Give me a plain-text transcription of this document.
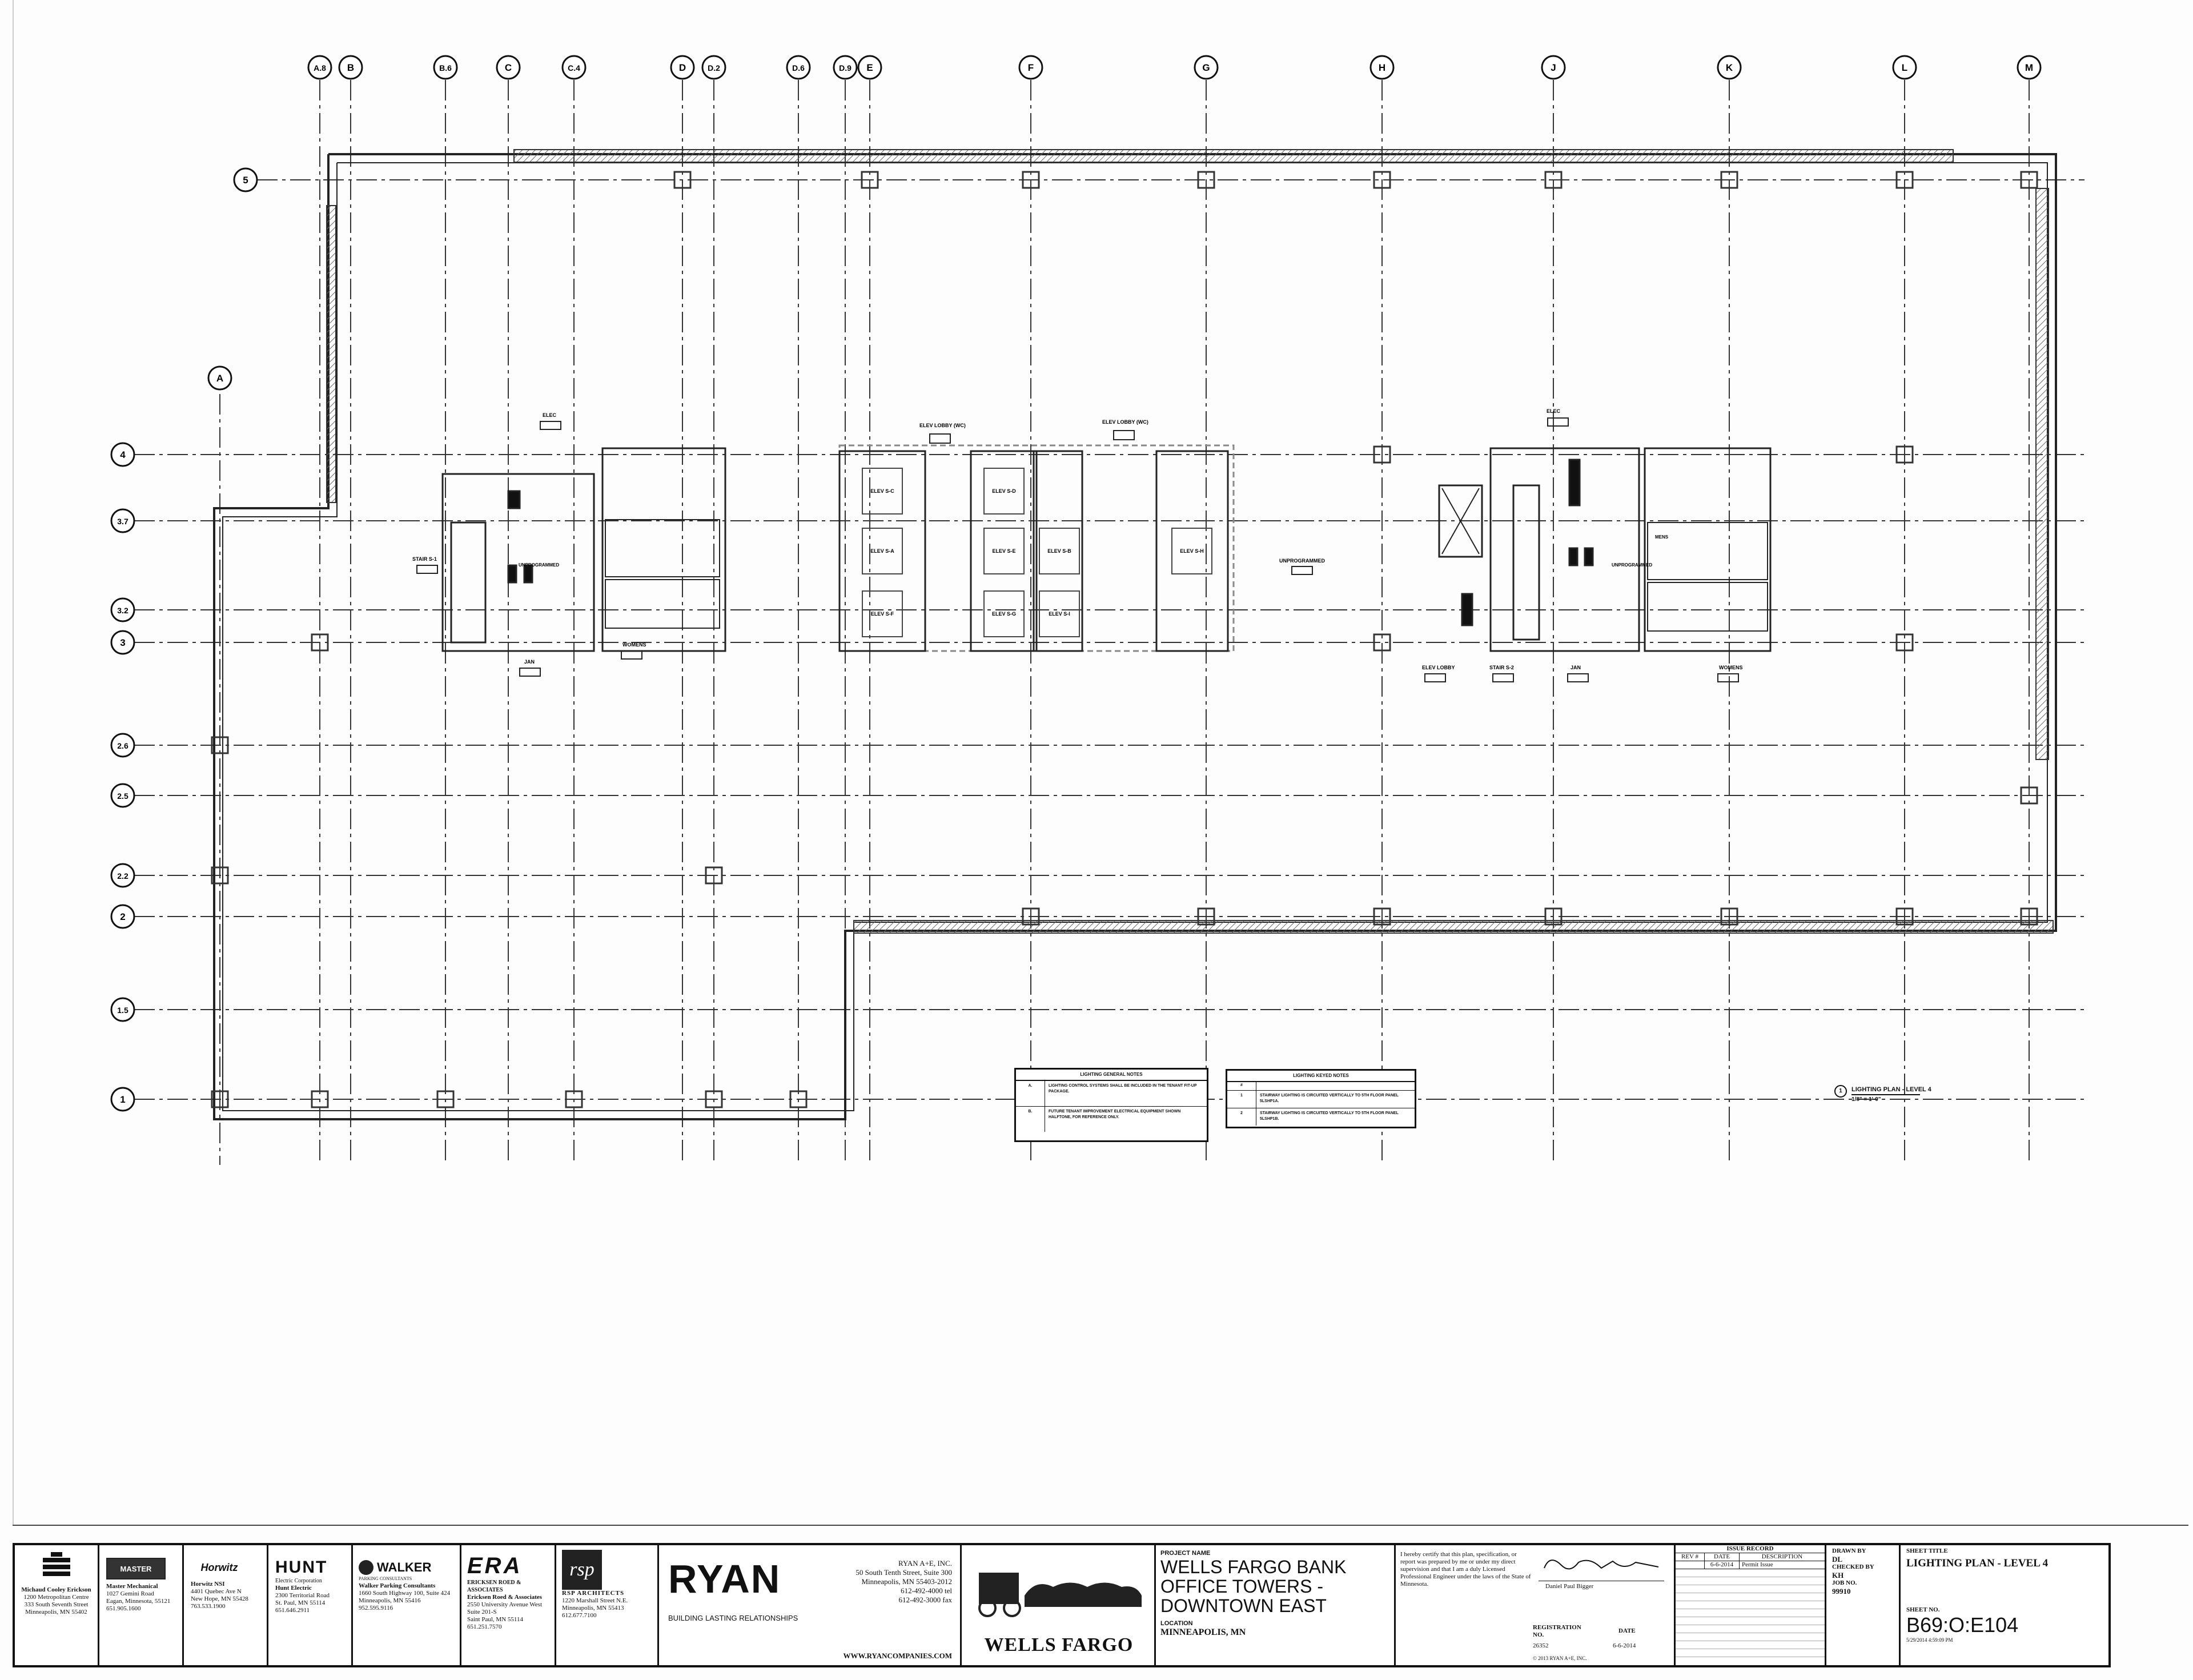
A.8 B	B.6	C	C.4	D	D.2	D.6	D.9 E	F	G	H	J	K	L	M
A
5
4
3.7
3.2
3
2.6
2.5
2.2
2
1.5
1
ELEV S-C	ELEV S-D
ELEV S-H
ELEV S-A	ELEV S-E	ELEV S-B
ELEV S-F	ELEV S-G	ELEV S-I
ELEV LOBBY (WC)
ELEV LOBBY (WC)
UNPROGRAMMED
UNPROGRAMMED	UNPROGRAMMED
ELEC
ELEC
STAIR S-1
STAIR S-2
JAN
JAN
WOMENS
WOMENS
MENS
ELEV LOBBY
LIGHTING GENERAL NOTES
A.	LIGHTING CONTROL SYSTEMS SHALL BE INCLUDED IN THE TENANT FIT-UP PACKAGE.
B.	FUTURE TENANT IMPROVEMENT ELECTRICAL EQUIPMENT SHOWN HALFTONE, FOR REFERENCE ONLY.
LIGHTING KEYED NOTES
#
1	STAIRWAY LIGHTING IS CIRCUITED VERTICALLY TO 5TH FLOOR PANEL 5LSHP1A.
2	STAIRWAY LIGHTING IS CIRCUITED VERTICALLY TO 5TH FLOOR PANEL 5LSHP1B.
1	LIGHTING PLAN - LEVEL 4
1/8" = 1'-0"
Michaud Cooley Erickson
1200 Metropolitan Centre
333 South Seventh Street
Minneapolis, MN 55402
MASTER
Master Mechanical
1027 Gemini Road
Eagan, Minnesota, 55121
651.905.1600
Horwitz
Horwitz NSI
4401 Quebec Ave N
New Hope, MN 55428
763.533.1900
HUNT
Electric Corporation
Hunt Electric
2300 Territorial Road
St. Paul, MN 55114
651.646.2911
WALKER
PARKING CONSULTANTS
Walker Parking Consultants
1660 South Highway 100, Suite 424
Minneapolis, MN 55416
952.595.9116
ERA
ERICKSEN ROED & ASSOCIATES
Ericksen Roed & Associates
2550 University Avenue West
Suite 201-S
Saint Paul, MN 55114
651.251.7570
rsp
RSP ARCHITECTS
1220 Marshall Street N.E.
Minneapolis, MN 55413
612.677.7100
RYAN
BUILDING LASTING RELATIONSHIPS
RYAN A+E, INC.
50 South Tenth Street, Suite 300
Minneapolis, MN 55403-2012
612-492-4000 tel
612-492-3000 fax
WWW.RYANCOMPANIES.COM
WELLS FARGO
PROJECT NAME
WELLS FARGO BANK
OFFICE TOWERS -
DOWNTOWN EAST
LOCATION
MINNEAPOLIS, MN
I hereby certify that this plan, specification, or report was prepared by me or under my direct supervision and that I am a duly Licensed Professional Engineer under the laws of the State of Minnesota.	Daniel Paul Bigger
REGISTRATION NO.
26352
DATE
6-6-2014
© 2013 RYAN A+E, INC.
ISSUE RECORD
REV #	DATE	DESCRIPTION
6-6-2014	Permit Issue
DRAWN BY
DL
CHECKED BY
KH
JOB NO.
99910
SHEET TITLE
LIGHTING PLAN - LEVEL 4
SHEET NO.
B69:O:E104
5/29/2014 4:59:09 PM
